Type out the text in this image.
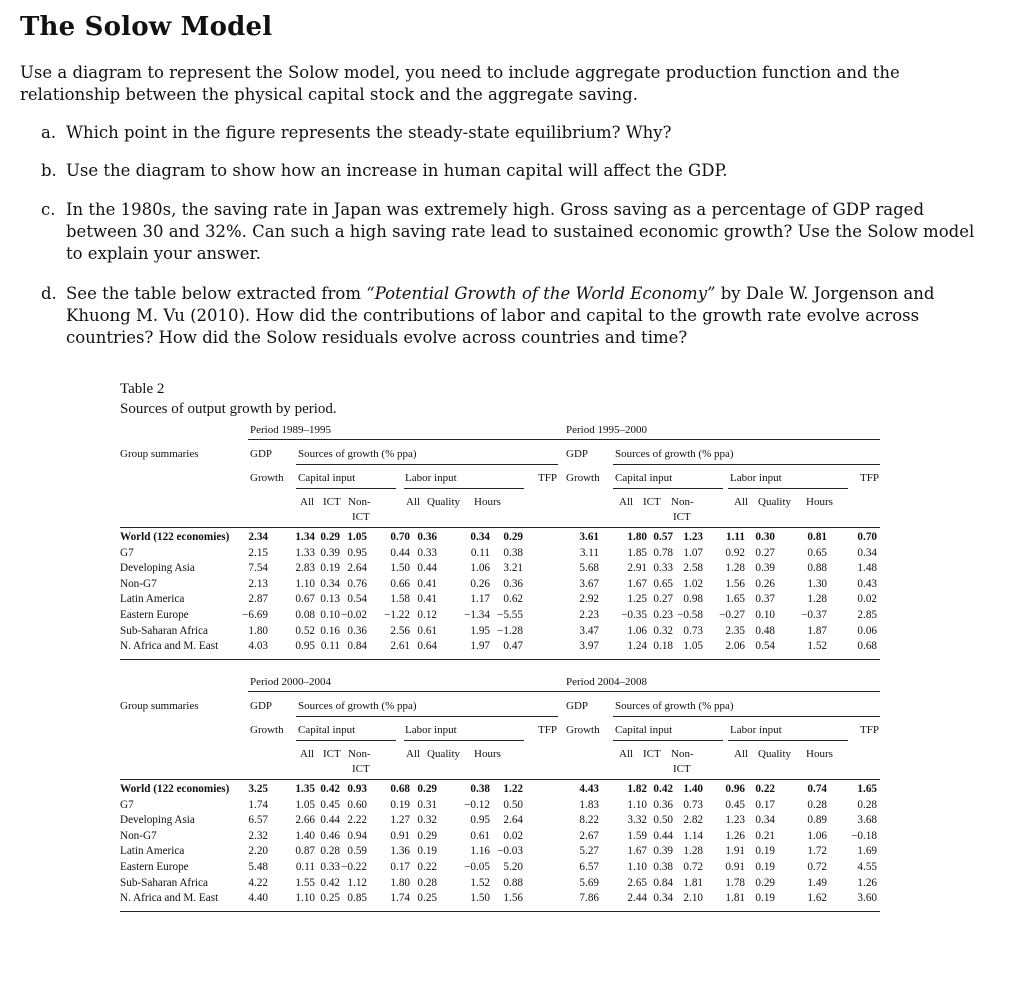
The Solow Model
Use a diagram to represent the Solow model, you need to include aggregate production function and the relationship between the physical capital stock and the aggregate saving.
a. Which point in the figure represents the steady-state equilibrium? Why?
b. Use the diagram to show how an increase in human capital will affect the GDP.
c. In the 1980s, the saving rate in Japan was extremely high. Gross saving as a percentage of GDP raged between 30 and 32%. Can such a high saving rate lead to sustained economic growth? Use the Solow model to explain your answer.
d. See the table below extracted from “Potential Growth of the World Economy” by Dale W. Jorgenson and Khuong M. Vu (2010). How did the contributions of labor and capital to the growth rate evolve across countries? How did the Solow residuals evolve across countries and time?
Table 2
Sources of output growth by period.
Period 1989–1995	Period 1995–2000
Group summaries	GDP Sources of growth (% ppa)	GDP Sources of growth (% ppa)
Growth Capital input	Labor input	TFP Growth Capital input	Labor input	TFP
All ICT Non-
ICT
All Quality Hours	All ICT Non-
ICT
All Quality Hours
World (122 economies) 2.34 1.34 0.29 1.05 0.70 0.36	0.34 0.29	3.61	1.80 0.57 1.23 1.11 0.30	0.81	0.70
G7	2.15 1.33 0.39 0.95 0.44 0.33	0.11 0.38	3.11	1.85 0.78 1.07 0.92 0.27	0.65	0.34
Developing Asia	7.54 2.83 0.19 2.64 1.50 0.44	1.06 3.21	5.68	2.91 0.33 2.58 1.28 0.39	0.88	1.48
Non-G7	2.13 1.10 0.34 0.76 0.66 0.41	0.26 0.36	3.67	1.67 0.65 1.02 1.56 0.26	1.30	0.43
Latin America	2.87 0.67 0.13 0.54 1.58 0.41	1.17 0.62	2.92	1.25 0.27 0.98 1.65 0.37	1.28	0.02
Eastern Europe	−6.69 0.08 0.10 −0.02 −1.22 0.12 −1.34 −5.55	2.23 −0.35 0.23 −0.58 −0.27 0.10 −0.37	2.85
Sub-Saharan Africa	1.80 0.52 0.16 0.36 2.56 0.61	1.95 −1.28	3.47	1.06 0.32 0.73 2.35 0.48	1.87	0.06
N. Africa and M. East	4.03 0.95 0.11 0.84 2.61 0.64	1.97 0.47	3.97	1.24 0.18 1.05 2.06 0.54	1.52	0.68
Period 2000–2004	Period 2004–2008
Group summaries	GDP Sources of growth (% ppa)	GDP Sources of growth (% ppa)
Growth Capital input	Labor input	TFP Growth Capital input	Labor input	TFP
All ICT Non-
ICT
All Quality Hours	All ICT Non-
ICT
All Quality Hours
World (122 economies) 3.25 1.35 0.42 0.93 0.68 0.29	0.38 1.22	4.43	1.82 0.42 1.40 0.96 0.22	0.74	1.65
G7	1.74 1.05 0.45 0.60 0.19 0.31 −0.12 0.50	1.83	1.10 0.36 0.73 0.45 0.17	0.28	0.28
Developing Asia	6.57 2.66 0.44 2.22 1.27 0.32	0.95 2.64	8.22	3.32 0.50 2.82 1.23 0.34	0.89	3.68
Non-G7	2.32 1.40 0.46 0.94 0.91 0.29	0.61 0.02	2.67	1.59 0.44 1.14 1.26 0.21	1.06 −0.18
Latin America	2.20 0.87 0.28 0.59 1.36 0.19	1.16 −0.03	5.27	1.67 0.39 1.28 1.91 0.19	1.72	1.69
Eastern Europe	5.48 0.11 0.33 −0.22 0.17 0.22 −0.05 5.20	6.57	1.10 0.38 0.72 0.91 0.19	0.72	4.55
Sub-Saharan Africa	4.22 1.55 0.42 1.12 1.80 0.28	1.52 0.88	5.69	2.65 0.84 1.81 1.78 0.29	1.49	1.26
N. Africa and M. East	4.40 1.10 0.25 0.85 1.74 0.25	1.50 1.56	7.86	2.44 0.34 2.10 1.81 0.19	1.62	3.60
